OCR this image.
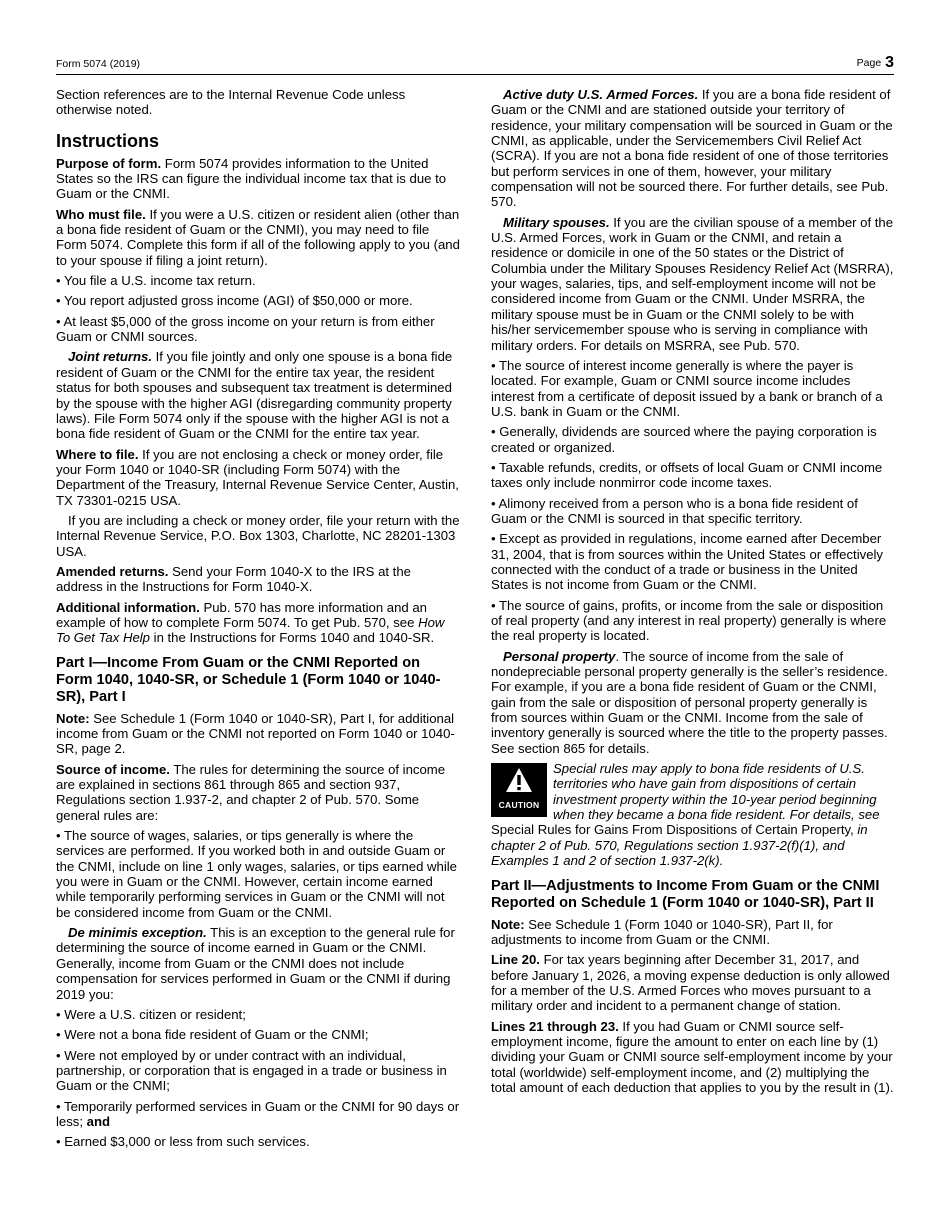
Form 5074 (2019)	Page 3

Section references are to the Internal Revenue Code unless otherwise noted.

Instructions

Purpose of form. Form 5074 provides information to the United States so the IRS can figure the individual income tax that is due to Guam or the CNMI.

Who must file. If you were a U.S. citizen or resident alien (other than a bona fide resident of Guam or the CNMI), you may need to file Form 5074. Complete this form if all of the following apply to you (and to your spouse if filing a joint return).

• You file a U.S. income tax return.

• You report adjusted gross income (AGI) of $50,000 or more.

• At least $5,000 of the gross income on your return is from either Guam or CNMI sources.

Joint returns. If you file jointly and only one spouse is a bona fide resident of Guam or the CNMI for the entire tax year, the resident status for both spouses and subsequent tax treatment is determined by the spouse with the higher AGI (disregarding community property laws). File Form 5074 only if the spouse with the higher AGI is not a bona fide resident of Guam or the CNMI for the entire tax year.

Where to file. If you are not enclosing a check or money order, file your Form 1040 or 1040-SR (including Form 5074) with the Department of the Treasury, Internal Revenue Service Center, Austin, TX 73301-0215 USA.

If you are including a check or money order, file your return with the Internal Revenue Service, P.O. Box 1303, Charlotte, NC 28201-1303 USA.

Amended returns. Send your Form 1040-X to the IRS at the address in the Instructions for Form 1040-X.

Additional information. Pub. 570 has more information and an example of how to complete Form 5074. To get Pub. 570, see How To Get Tax Help in the Instructions for Forms 1040 and 1040-SR.

Part I—Income From Guam or the CNMI Reported on Form 1040, 1040-SR, or Schedule 1 (Form 1040 or 1040-SR), Part I

Note: See Schedule 1 (Form 1040 or 1040-SR), Part I, for additional income from Guam or the CNMI not reported on Form 1040 or 1040-SR, page 2.

Source of income. The rules for determining the source of income are explained in sections 861 through 865 and section 937, Regulations section 1.937-2, and chapter 2 of Pub. 570. Some general rules are:

• The source of wages, salaries, or tips generally is where the services are performed. If you worked both in and outside Guam or the CNMI, include on line 1 only wages, salaries, or tips earned while you were in Guam or the CNMI. However, certain income earned while temporarily performing services in Guam or the CNMI will not be considered income from Guam or the CNMI.

De minimis exception. This is an exception to the general rule for determining the source of income earned in Guam or the CNMI. Generally, income from Guam or the CNMI does not include compensation for services performed in Guam or the CNMI if during 2019 you:

• Were a U.S. citizen or resident;

• Were not a bona fide resident of Guam or the CNMI;

• Were not employed by or under contract with an individual, partnership, or corporation that is engaged in a trade or business in Guam or the CNMI;

• Temporarily performed services in Guam or the CNMI for 90 days or less; and

• Earned $3,000 or less from such services.

Active duty U.S. Armed Forces. If you are a bona fide resident of Guam or the CNMI and are stationed outside your territory of residence, your military compensation will be sourced in Guam or the CNMI, as applicable, under the Servicemembers Civil Relief Act (SCRA). If you are not a bona fide resident of one of those territories but perform services in one of them, however, your military compensation will not be sourced there. For further details, see Pub. 570.

Military spouses. If you are the civilian spouse of a member of the U.S. Armed Forces, work in Guam or the CNMI, and retain a residence or domicile in one of the 50 states or the District of Columbia under the Military Spouses Residency Relief Act (MSRRA), your wages, salaries, tips, and self-employment income will not be considered income from Guam or the CNMI. Under MSRRA, the military spouse must be in Guam or the CNMI solely to be with his/her servicemember spouse who is serving in compliance with military orders. For details on MSRRA, see Pub. 570.

• The source of interest income generally is where the payer is located. For example, Guam or CNMI source income includes interest from a certificate of deposit issued by a bank or branch of a U.S. bank in Guam or the CNMI.

• Generally, dividends are sourced where the paying corporation is created or organized.

• Taxable refunds, credits, or offsets of local Guam or CNMI income taxes only include nonmirror code income taxes.

• Alimony received from a person who is a bona fide resident of Guam or the CNMI is sourced in that specific territory.

• Except as provided in regulations, income earned after December 31, 2004, that is from sources within the United States or effectively connected with the conduct of a trade or business in the United States is not income from Guam or the CNMI.

• The source of gains, profits, or income from the sale or disposition of real property (and any interest in real property) generally is where the real property is located.

Personal property. The source of income from the sale of nondepreciable personal property generally is the seller’s residence. For example, if you are a bona fide resident of Guam or the CNMI, gain from the sale or disposition of personal property generally is from sources within Guam or the CNMI. Income from the sale of inventory generally is sourced where the title to the property passes. See section 865 for details.

CAUTION

Special rules may apply to bona fide residents of U.S. territories who have gain from dispositions of certain investment property within the 10-year period beginning when they became a bona fide resident. For details, see Special Rules for Gains From Dispositions of Certain Property, in chapter 2 of Pub. 570, Regulations section 1.937-2(f)(1), and Examples 1 and 2 of section 1.937-2(k).

Part II—Adjustments to Income From Guam or the CNMI Reported on Schedule 1 (Form 1040 or 1040-SR), Part II

Note: See Schedule 1 (Form 1040 or 1040-SR), Part II, for adjustments to income from Guam or the CNMI.

Line 20. For tax years beginning after December 31, 2017, and before January 1, 2026, a moving expense deduction is only allowed for a member of the U.S. Armed Forces who moves pursuant to a military order and incident to a permanent change of station.

Lines 21 through 23. If you had Guam or CNMI source self-employment income, figure the amount to enter on each line by (1) dividing your Guam or CNMI source self-employment income by your total (worldwide) self-employment income, and (2) multiplying the total amount of each deduction that applies to you by the result in (1).
